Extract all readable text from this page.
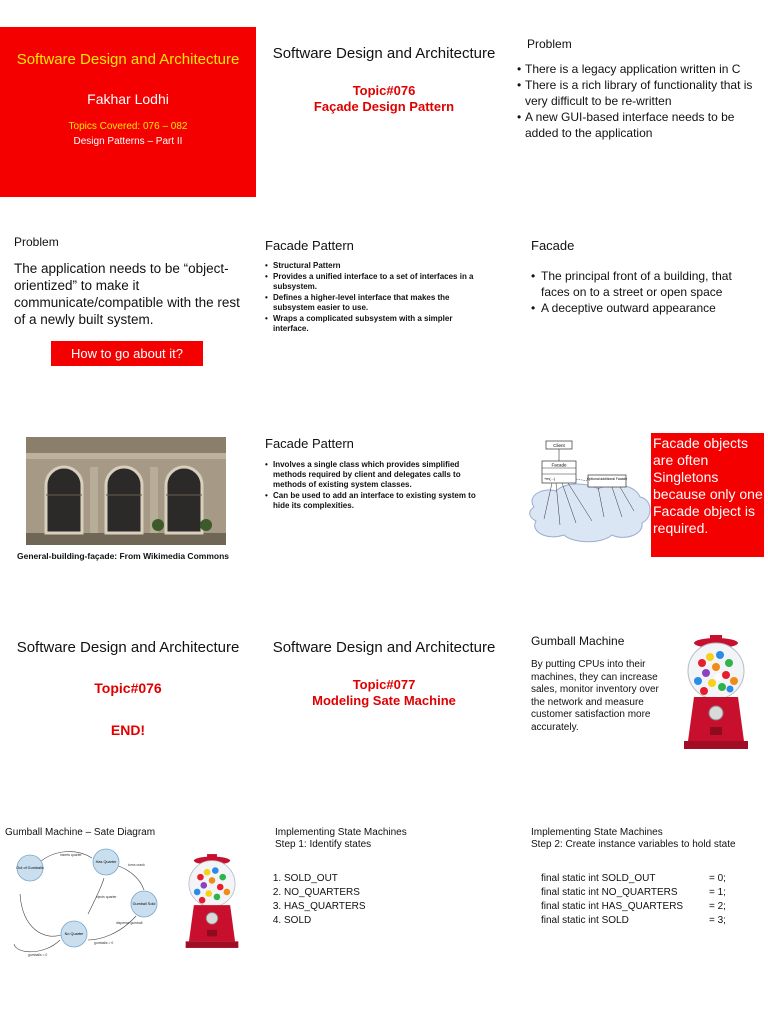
Software Design and Architecture
Fakhar Lodhi
Topics Covered: 076 – 082
Design Patterns – Part II
Software Design and Architecture
Topic#076
Façade Design Pattern
Problem
• There is a legacy application written in C
• There is a rich library of functionality that is very difficult to be re-written
• A new GUI-based interface needs to be added to the application
Problem
The application needs to be “object-orientized” to make it communicate/compatible with the rest of a newly built system.
How to go about it?
Facade Pattern
• Structural Pattern
• Provides a unified interface to a set of interfaces in a subsystem.
• Defines a higher-level interface that makes the subsystem easier to use.
• Wraps a complicated subsystem with a simpler interface.
Facade
• The principal front of a building, that faces on to a street or open space
• A deceptive outward appearance
General-building-façade: From Wikimedia Commons
Facade Pattern
• Involves a single class which provides simplified methods required by client and delegates calls to methods of existing system classes.
• Can be used to add an interface to existing system to hide its complexities.
Client
Facade
+m(...)	Optional additional Facade
Facade objects are often Singletons because only one Facade object is required.
Software Design and Architecture
Topic#076
END!
Software Design and Architecture
Topic#077
Modeling Sate Machine
Gumball Machine
By putting CPUs into their machines, they can increase sales, monitor inventory over the network and measure customer satisfaction more accurately.
Gumball Machine – Sate Diagram
Out of Gumballs
Has Quarter
Gumball Sold
No Quarter
inserts quarter
turns crank
ejects quarter
dispense gumball
gumballs > 0
gumballs = 0
Implementing State Machines
Step 1: Identify states
1. SOLD_OUT
2. NO_QUARTERS
3. HAS_QUARTERS
4. SOLD
Implementing State Machines
Step 2: Create instance variables to hold state
final static int SOLD_OUT	= 0;
final static int NO_QUARTERS	= 1;
final static int HAS_QUARTERS	= 2;
final static int SOLD	= 3;
